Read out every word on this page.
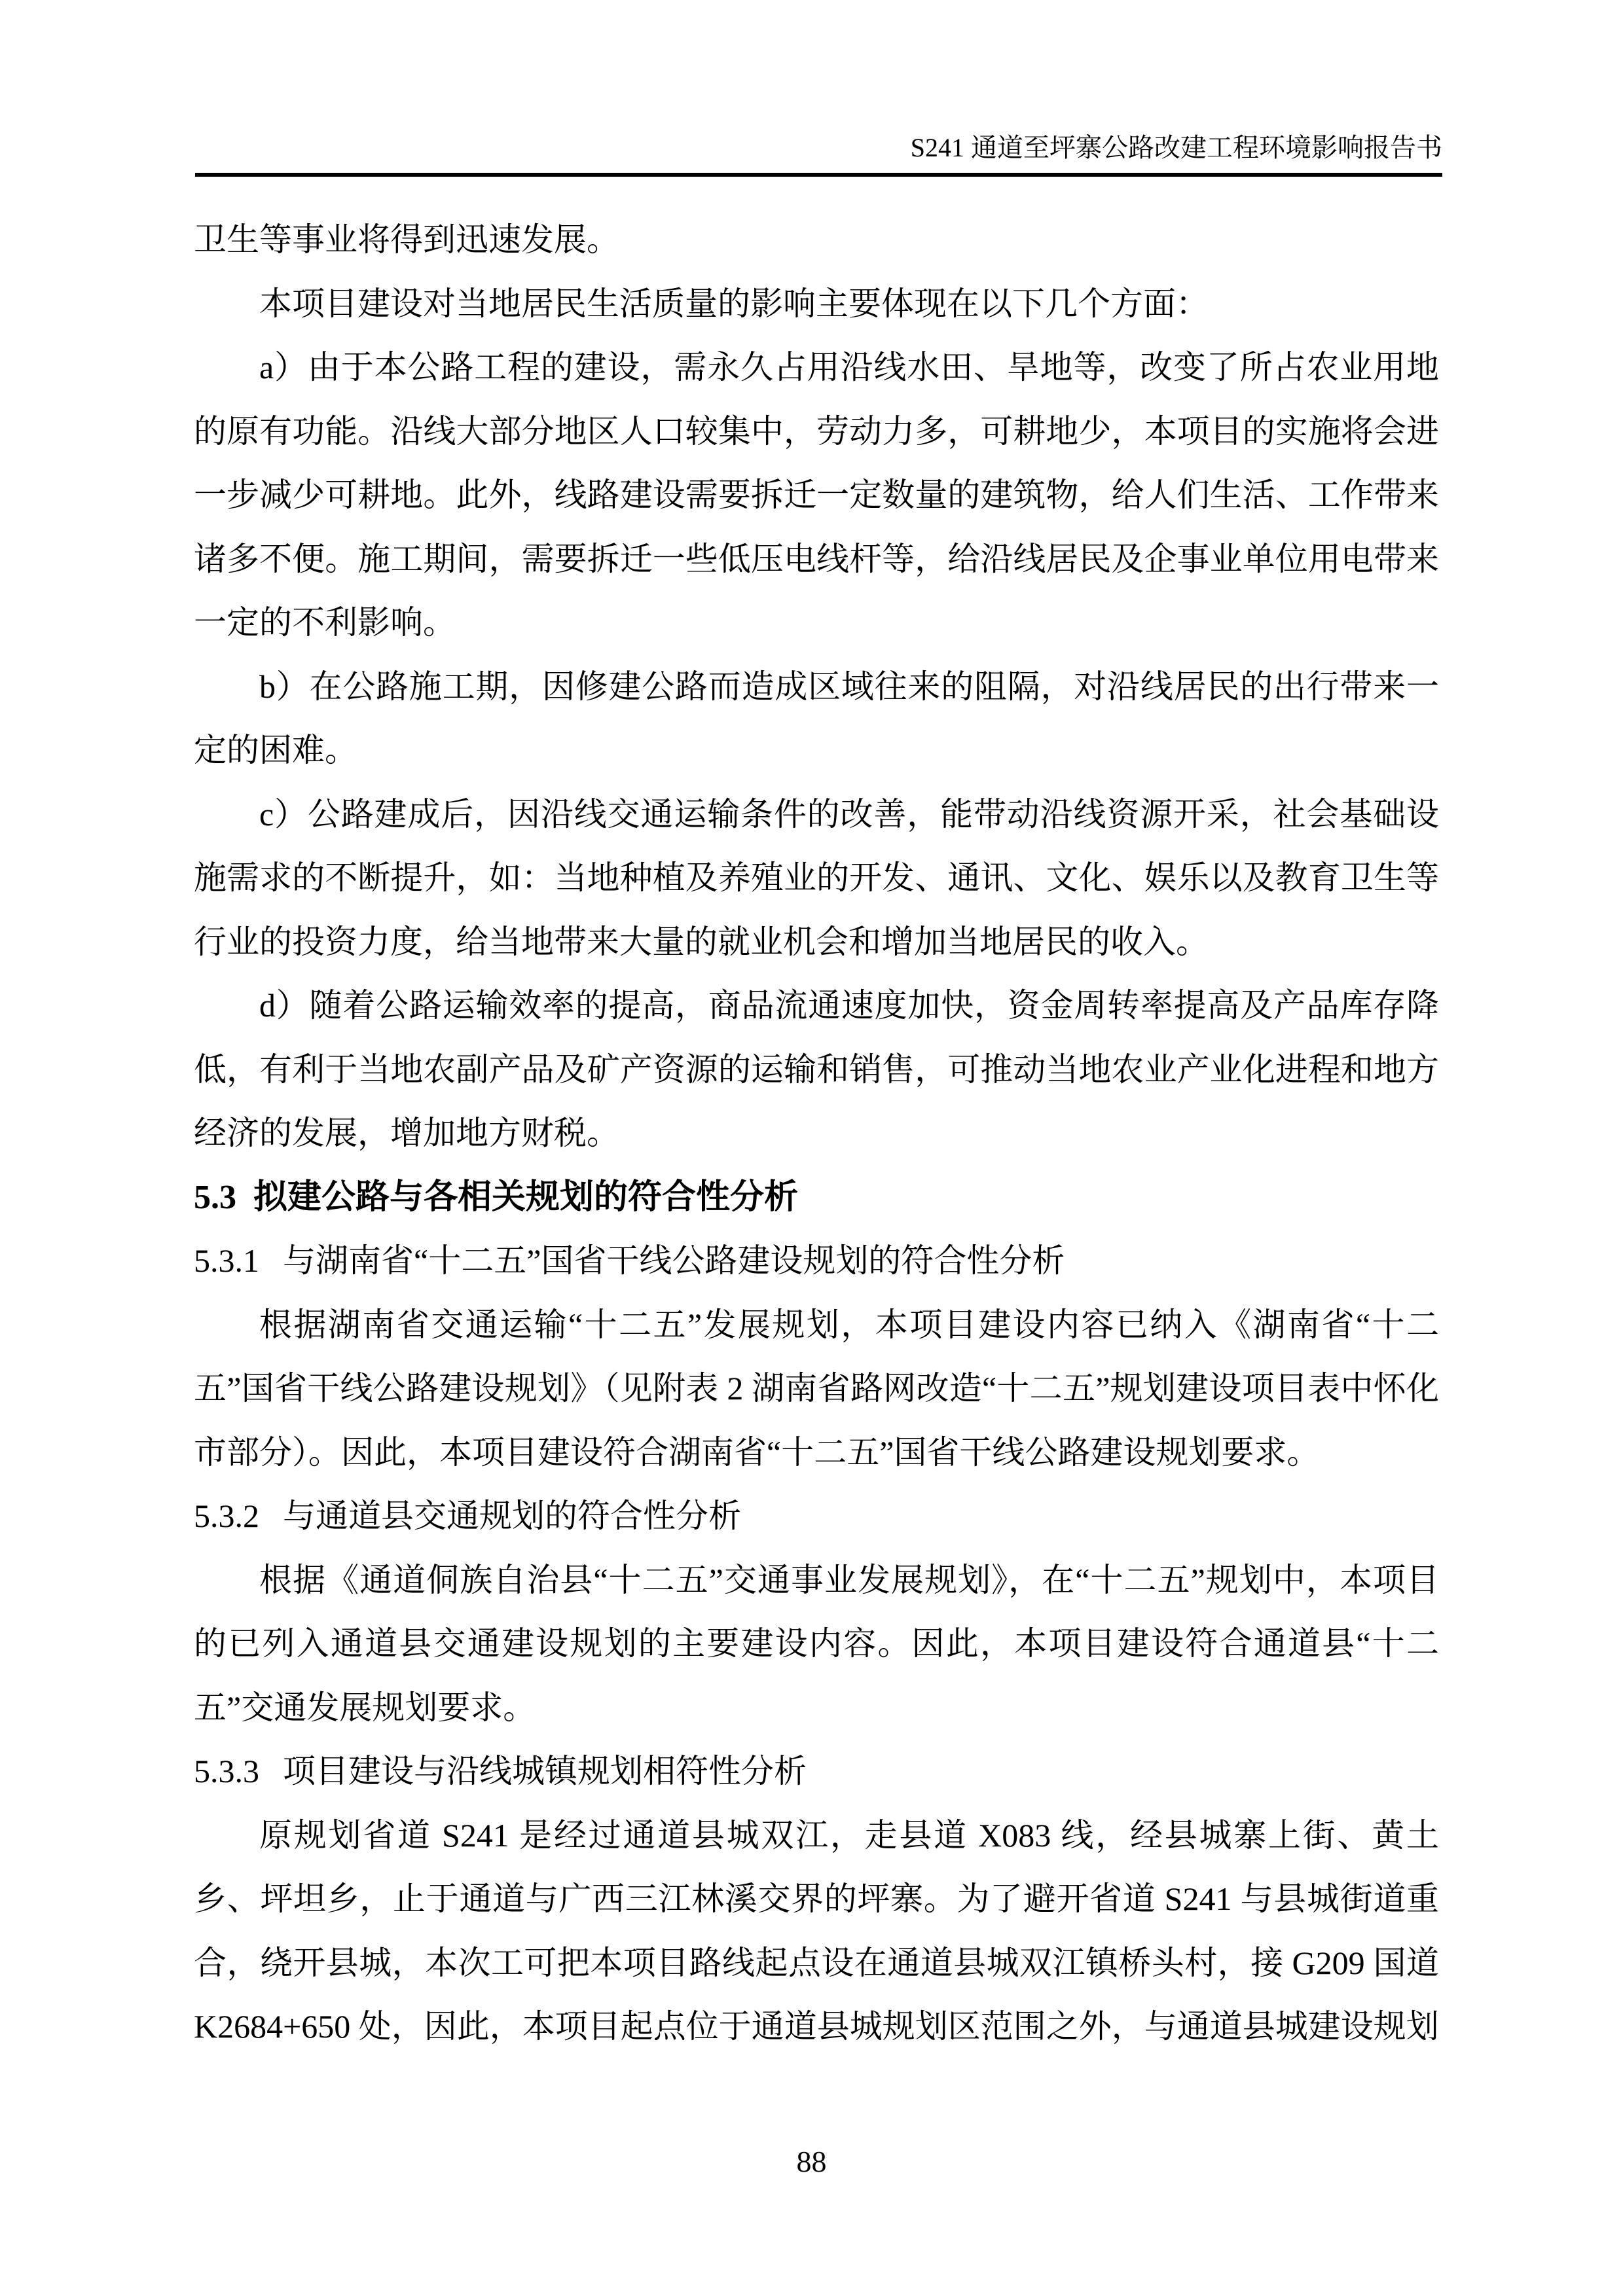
S241 通道至坪寨公路改建工程环境影响报告书
卫生等事业将得到迅速发展。
本项目建设对当地居民生活质量的影响主要体现在以下几个方面：
a）由于本公路工程的建设，需永久占用沿线水田、旱地等，改变了所占农业用地的原有功能。沿线大部分地区人口较集中，劳动力多，可耕地少，本项目的实施将会进一步减少可耕地。此外，线路建设需要拆迁一定数量的建筑物，给人们生活、工作带来诸多不便。施工期间，需要拆迁一些低压电线杆等，给沿线居民及企事业单位用电带来一定的不利影响。
b）在公路施工期，因修建公路而造成区域往来的阻隔，对沿线居民的出行带来一定的困难。
c）公路建成后，因沿线交通运输条件的改善，能带动沿线资源开采，社会基础设施需求的不断提升，如：当地种植及养殖业的开发、通讯、文化、娱乐以及教育卫生等行业的投资力度，给当地带来大量的就业机会和增加当地居民的收入。
d）随着公路运输效率的提高，商品流通速度加快，资金周转率提高及产品库存降低，有利于当地农副产品及矿产资源的运输和销售，可推动当地农业产业化进程和地方经济的发展，增加地方财税。
5.3 拟建公路与各相关规划的符合性分析
5.3.1 与湖南省“十二五”国省干线公路建设规划的符合性分析
根据湖南省交通运输“十二五”发展规划，本项目建设内容已纳入《湖南省“十二五”国省干线公路建设规划》（见附表 2 湖南省路网改造“十二五”规划建设项目表中怀化市部分）。因此，本项目建设符合湖南省“十二五”国省干线公路建设规划要求。
5.3.2 与通道县交通规划的符合性分析
根据《通道侗族自治县“十二五”交通事业发展规划》，在“十二五”规划中，本项目的已列入通道县交通建设规划的主要建设内容。因此，本项目建设符合通道县“十二五”交通发展规划要求。
5.3.3 项目建设与沿线城镇规划相符性分析
原规划省道 S241 是经过通道县城双江，走县道 X083 线，经县城寨上街、黄土乡、坪坦乡，止于通道与广西三江林溪交界的坪寨。为了避开省道 S241 与县城街道重合，绕开县城，本次工可把本项目路线起点设在通道县城双江镇桥头村，接 G209 国道 K2684+650 处，因此，本项目起点位于通道县城规划区范围之外，与通道县城建设规划
88
